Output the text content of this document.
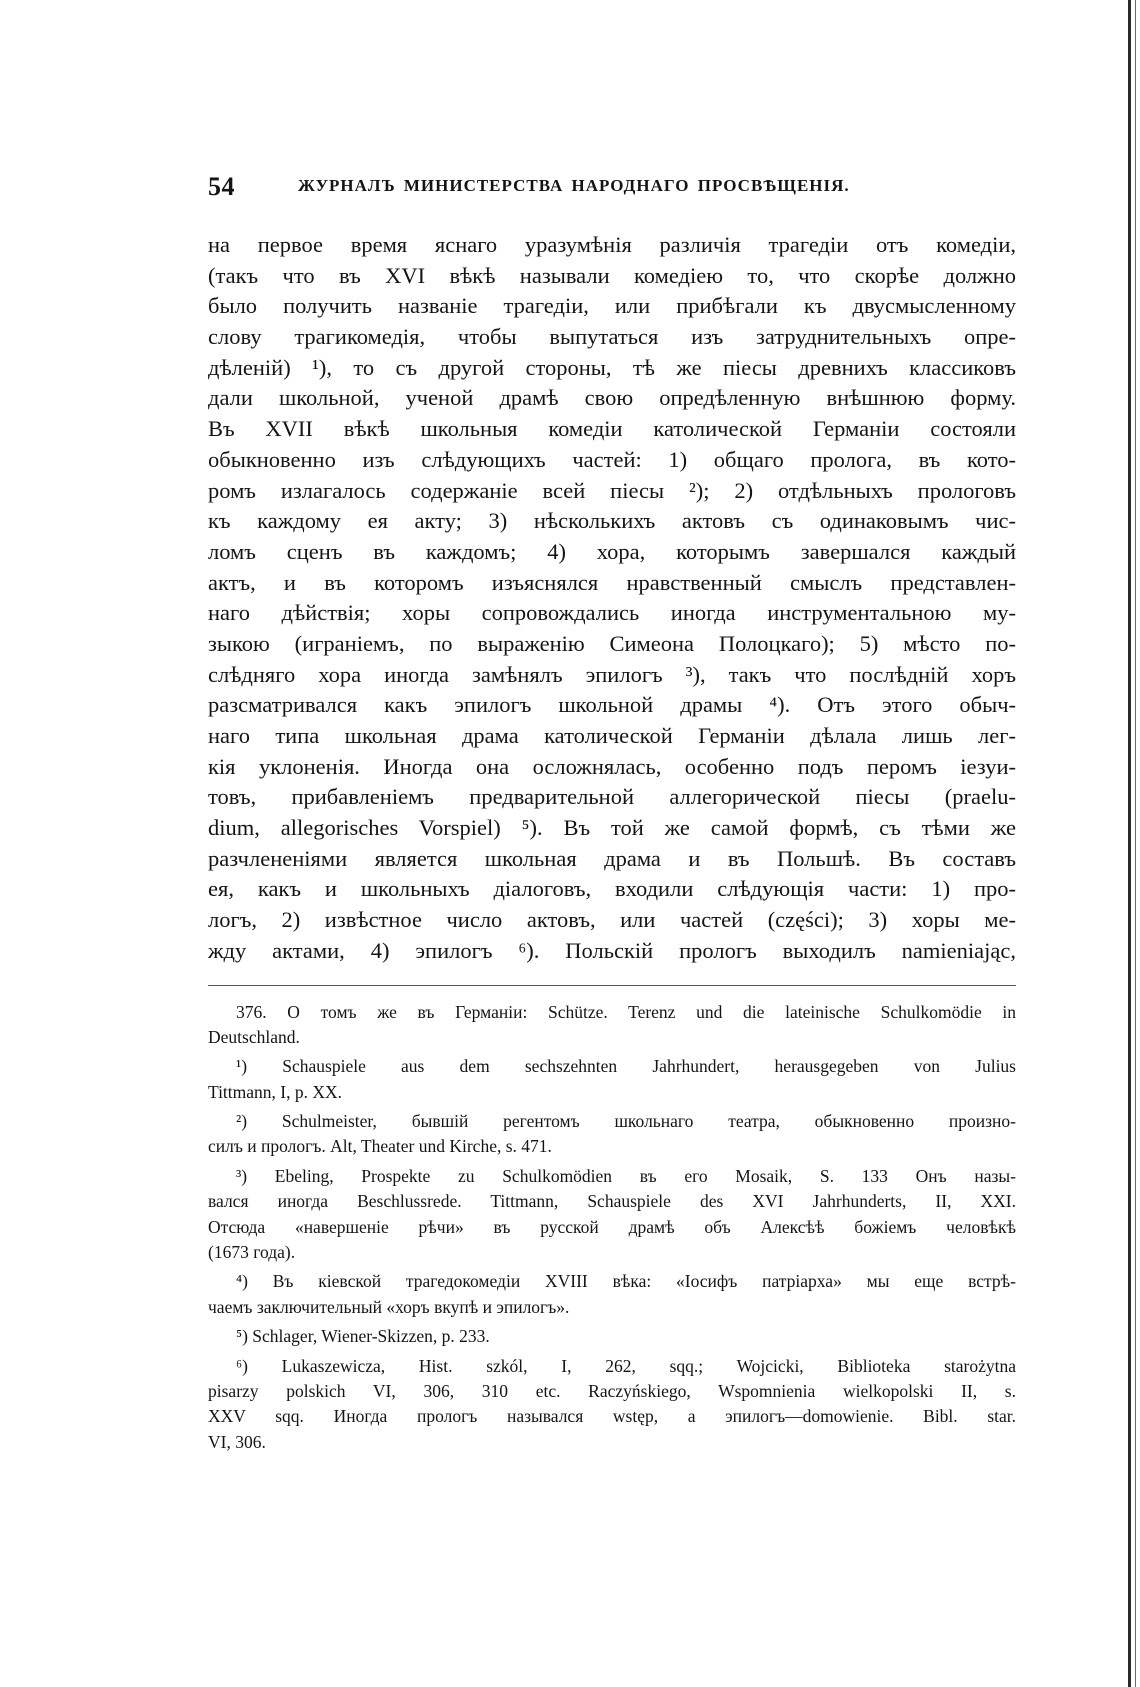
54	ЖУРНАЛЪ МИНИСТЕРСТВА НАРОДНАГО ПРОСВѢЩЕНІЯ.
на первое время яснаго уразумѣнія различія трагедіи отъ комедіи,
(такъ что въ XVI вѣкѣ называли комедіею то, что скорѣе должно
было получить названіе трагедіи, или прибѣгали къ двусмысленному
слову трагикомедія, чтобы выпутаться изъ затруднительныхъ опре-
дѣленій) ¹), то съ другой стороны, тѣ же піесы древнихъ классиковъ
дали школьной, ученой драмѣ свою опредѣленную внѣшнюю форму.
Въ XVII вѣкѣ школьныя комедіи католической Германіи состояли
обыкновенно изъ слѣдующихъ частей: 1) общаго пролога, въ кото-
ромъ излагалось содержаніе всей піесы ²); 2) отдѣльныхъ прологовъ
къ каждому ея акту; 3) нѣсколькихъ актовъ съ одинаковымъ чис-
ломъ сценъ въ каждомъ; 4) хора, которымъ завершался каждый
актъ, и въ которомъ изъяснялся нравственный смыслъ представлен-
наго дѣйствія; хоры сопровождались иногда инструментальною му-
зыкою (играніемъ, по выраженію Симеона Полоцкаго); 5) мѣсто по-
слѣдняго хора иногда замѣнялъ эпилогъ ³), такъ что послѣдній хоръ
разсматривался какъ эпилогъ школьной драмы ⁴). Отъ этого обыч-
наго типа школьная драма католической Германіи дѣлала лишь лег-
кія уклоненія. Иногда она осложнялась, особенно подъ перомъ іезуи-
товъ, прибавленіемъ предварительной аллегорической піесы (praelu-
dium, allegorisches Vorspiel) ⁵). Въ той же самой формѣ, съ тѣми же
разчлененіями является школьная драма и въ Польшѣ. Въ составъ
ея, какъ и школьныхъ діалоговъ, входили слѣдующія части: 1) про-
логъ, 2) извѣстное число актовъ, или частей (części); 3) хоры ме-
жду актами, 4) эпилогъ ⁶). Польскій прологъ выходилъ namieniając,
376. О томъ же въ Германіи: Schütze. Terenz und die lateinische Schulkomödie in
Deutschland.
¹) Schauspiele aus dem sechszehnten Jahrhundert, herausgegeben von Julius
Tittmann, I, p. XX.
²) Schulmeister, бывшій регентомъ школьнаго театра, обыкновенно произно-
силъ и прологъ. Alt, Theater und Kirche, s. 471.
³) Ebeling, Prospekte zu Schulkomödien въ его Mosaik, S. 133 Онъ назы-
вался иногда Beschlussrede. Tittmann, Schauspiele des XVI Jahrhunderts, II, XXI.
Отсюда «навершеніе рѣчи» въ русской драмѣ объ Алексѣѣ божіемъ человѣкѣ
(1673 года).
⁴) Въ кіевской трагедокомедіи XVIII вѣка: «Іосифъ патріарха» мы еще встрѣ-
чаемъ заключительный «хоръ вкупѣ и эпилогъ».
⁵) Schlager, Wiener-Skizzen, p. 233.
⁶) Lukaszewicza, Hist. szkól, I, 262, sqq.; Wojcicki, Biblioteka starożytna
pisarzy polskich VI, 306, 310 etc. Raczyńskiego, Wspomnienia wielkopolski II, s.
XXV sqq. Иногда прологъ назывался wstęp, а эпилогъ—domowienie. Bibl. star.
VI, 306.
